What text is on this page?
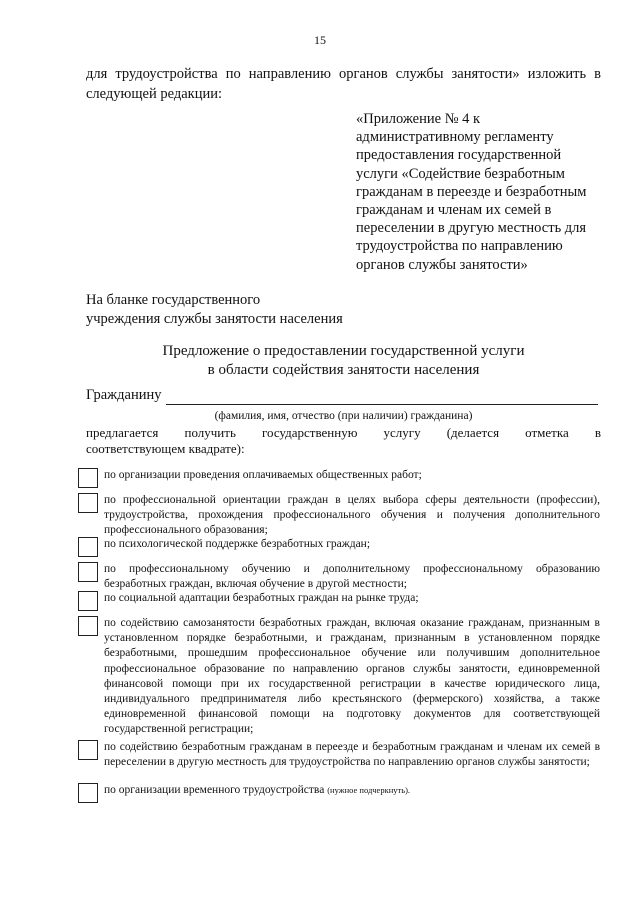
15
для трудоустройства по направлению органов службы занятости» изложить в следующей редакции:
«Приложение № 4 к административному регламенту предоставления государственной услуги «Содействие безработным гражданам в переезде и безработным гражданам и членам их семей в переселении в другую местность для трудоустройства по направлению органов службы занятости»
На бланке государственного
учреждения службы занятости населения
Предложение о предоставлении государственной услуги
в области содействия занятости населения
Гражданину
(фамилия, имя, отчество (при наличии) гражданина)
предлагается получить государственную услугу (делается отметка в
соответствующем квадрате):
по организации проведения оплачиваемых общественных работ;
по профессиональной ориентации граждан в целях выбора сферы деятельности (профессии), трудоустройства, прохождения профессионального обучения и получения дополнительного профессионального образования;
по психологической поддержке безработных граждан;
по профессиональному обучению и дополнительному профессиональному образованию безработных граждан, включая обучение в другой местности;
по социальной адаптации безработных граждан на рынке труда;
по содействию самозанятости безработных граждан, включая оказание гражданам, признанным в установленном порядке безработными, и гражданам, признанным в установленном порядке безработными, прошедшим профессиональное обучение или получившим дополнительное профессиональное образование по направлению органов службы занятости, единовременной финансовой помощи при их государственной регистрации в качестве юридического лица, индивидуального предпринимателя либо крестьянского (фермерского) хозяйства, а также единовременной финансовой помощи на подготовку документов для соответствующей государственной регистрации;
по содействию безработным гражданам в переезде и безработным гражданам и членам их семей в переселении в другую местность для трудоустройства по направлению органов службы занятости;
по организации временного трудоустройства (нужное подчеркнуть).
